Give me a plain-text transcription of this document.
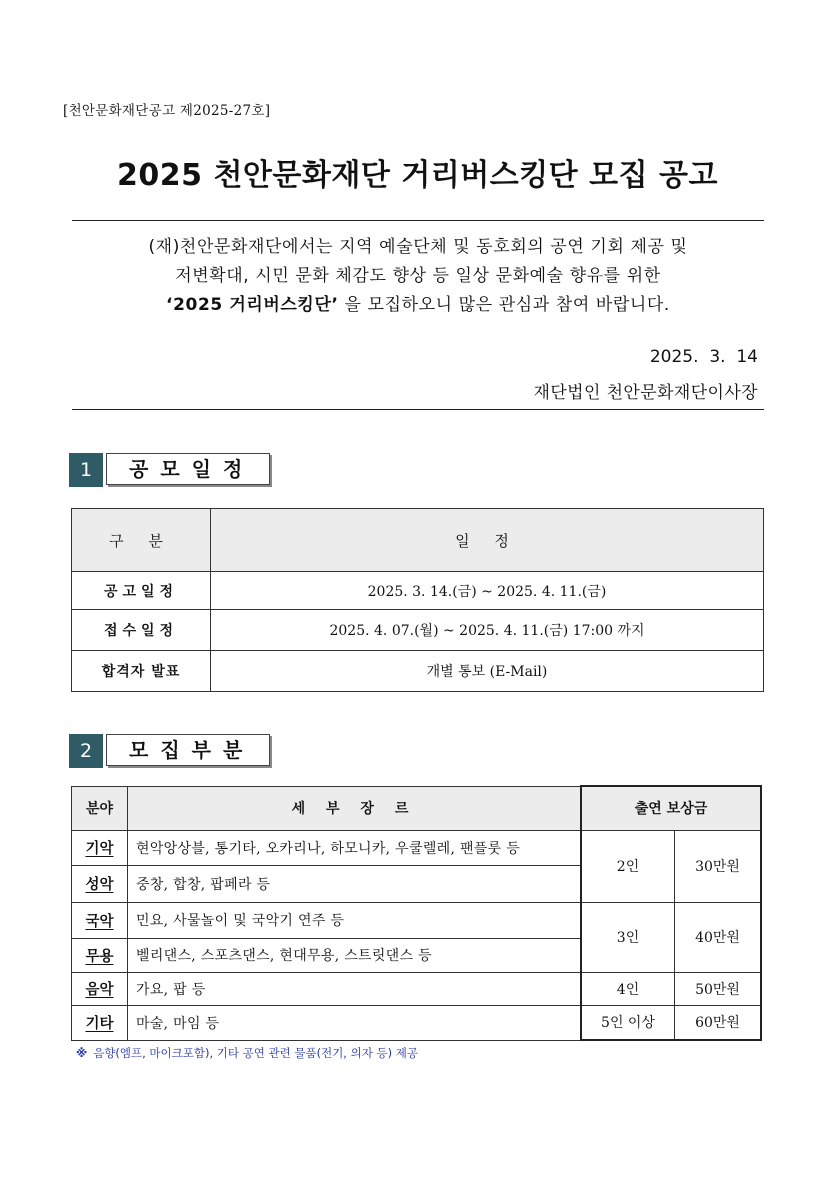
[천안문화재단공고 제2025-27호]
2025 천안문화재단 거리버스킹단 모집 공고
(재)천안문화재단에서는 지역 예술단체 및 동호회의 공연 기회 제공 및
저변확대, 시민 문화 체감도 향상 등 일상 문화예술 향유를 위한
‘2025 거리버스킹단’ 을 모집하오니 많은 관심과 참여 바랍니다.
2025.  3.  14
재단법인 천안문화재단이사장
1	공모일정
구 분	일 정
공고일정	2025. 3. 14.(금) ~ 2025. 4. 11.(금)
접수일정	2025. 4. 07.(월) ~ 2025. 4. 11.(금) 17:00 까지
합격자 발표	개별 통보 (E-Mail)
2	모집부분
분야	세 부 장 르	출연 보상금	
기악	현악앙상블, 통기타, 오카리나, 하모니카, 우쿨렐레, 팬플룻 등	2인	30만원
성악	중창, 합창, 팝페라 등		
국악	민요, 사물놀이 및 국악기 연주 등	3인	40만원
무용	벨리댄스, 스포츠댄스, 현대무용, 스트릿댄스 등		
음악	가요, 팝 등	4인	50만원
기타	마술, 마임 등	5인 이상	60만원
※ 음향(엠프, 마이크포함), 기타 공연 관련 물품(전기, 의자 등) 제공
